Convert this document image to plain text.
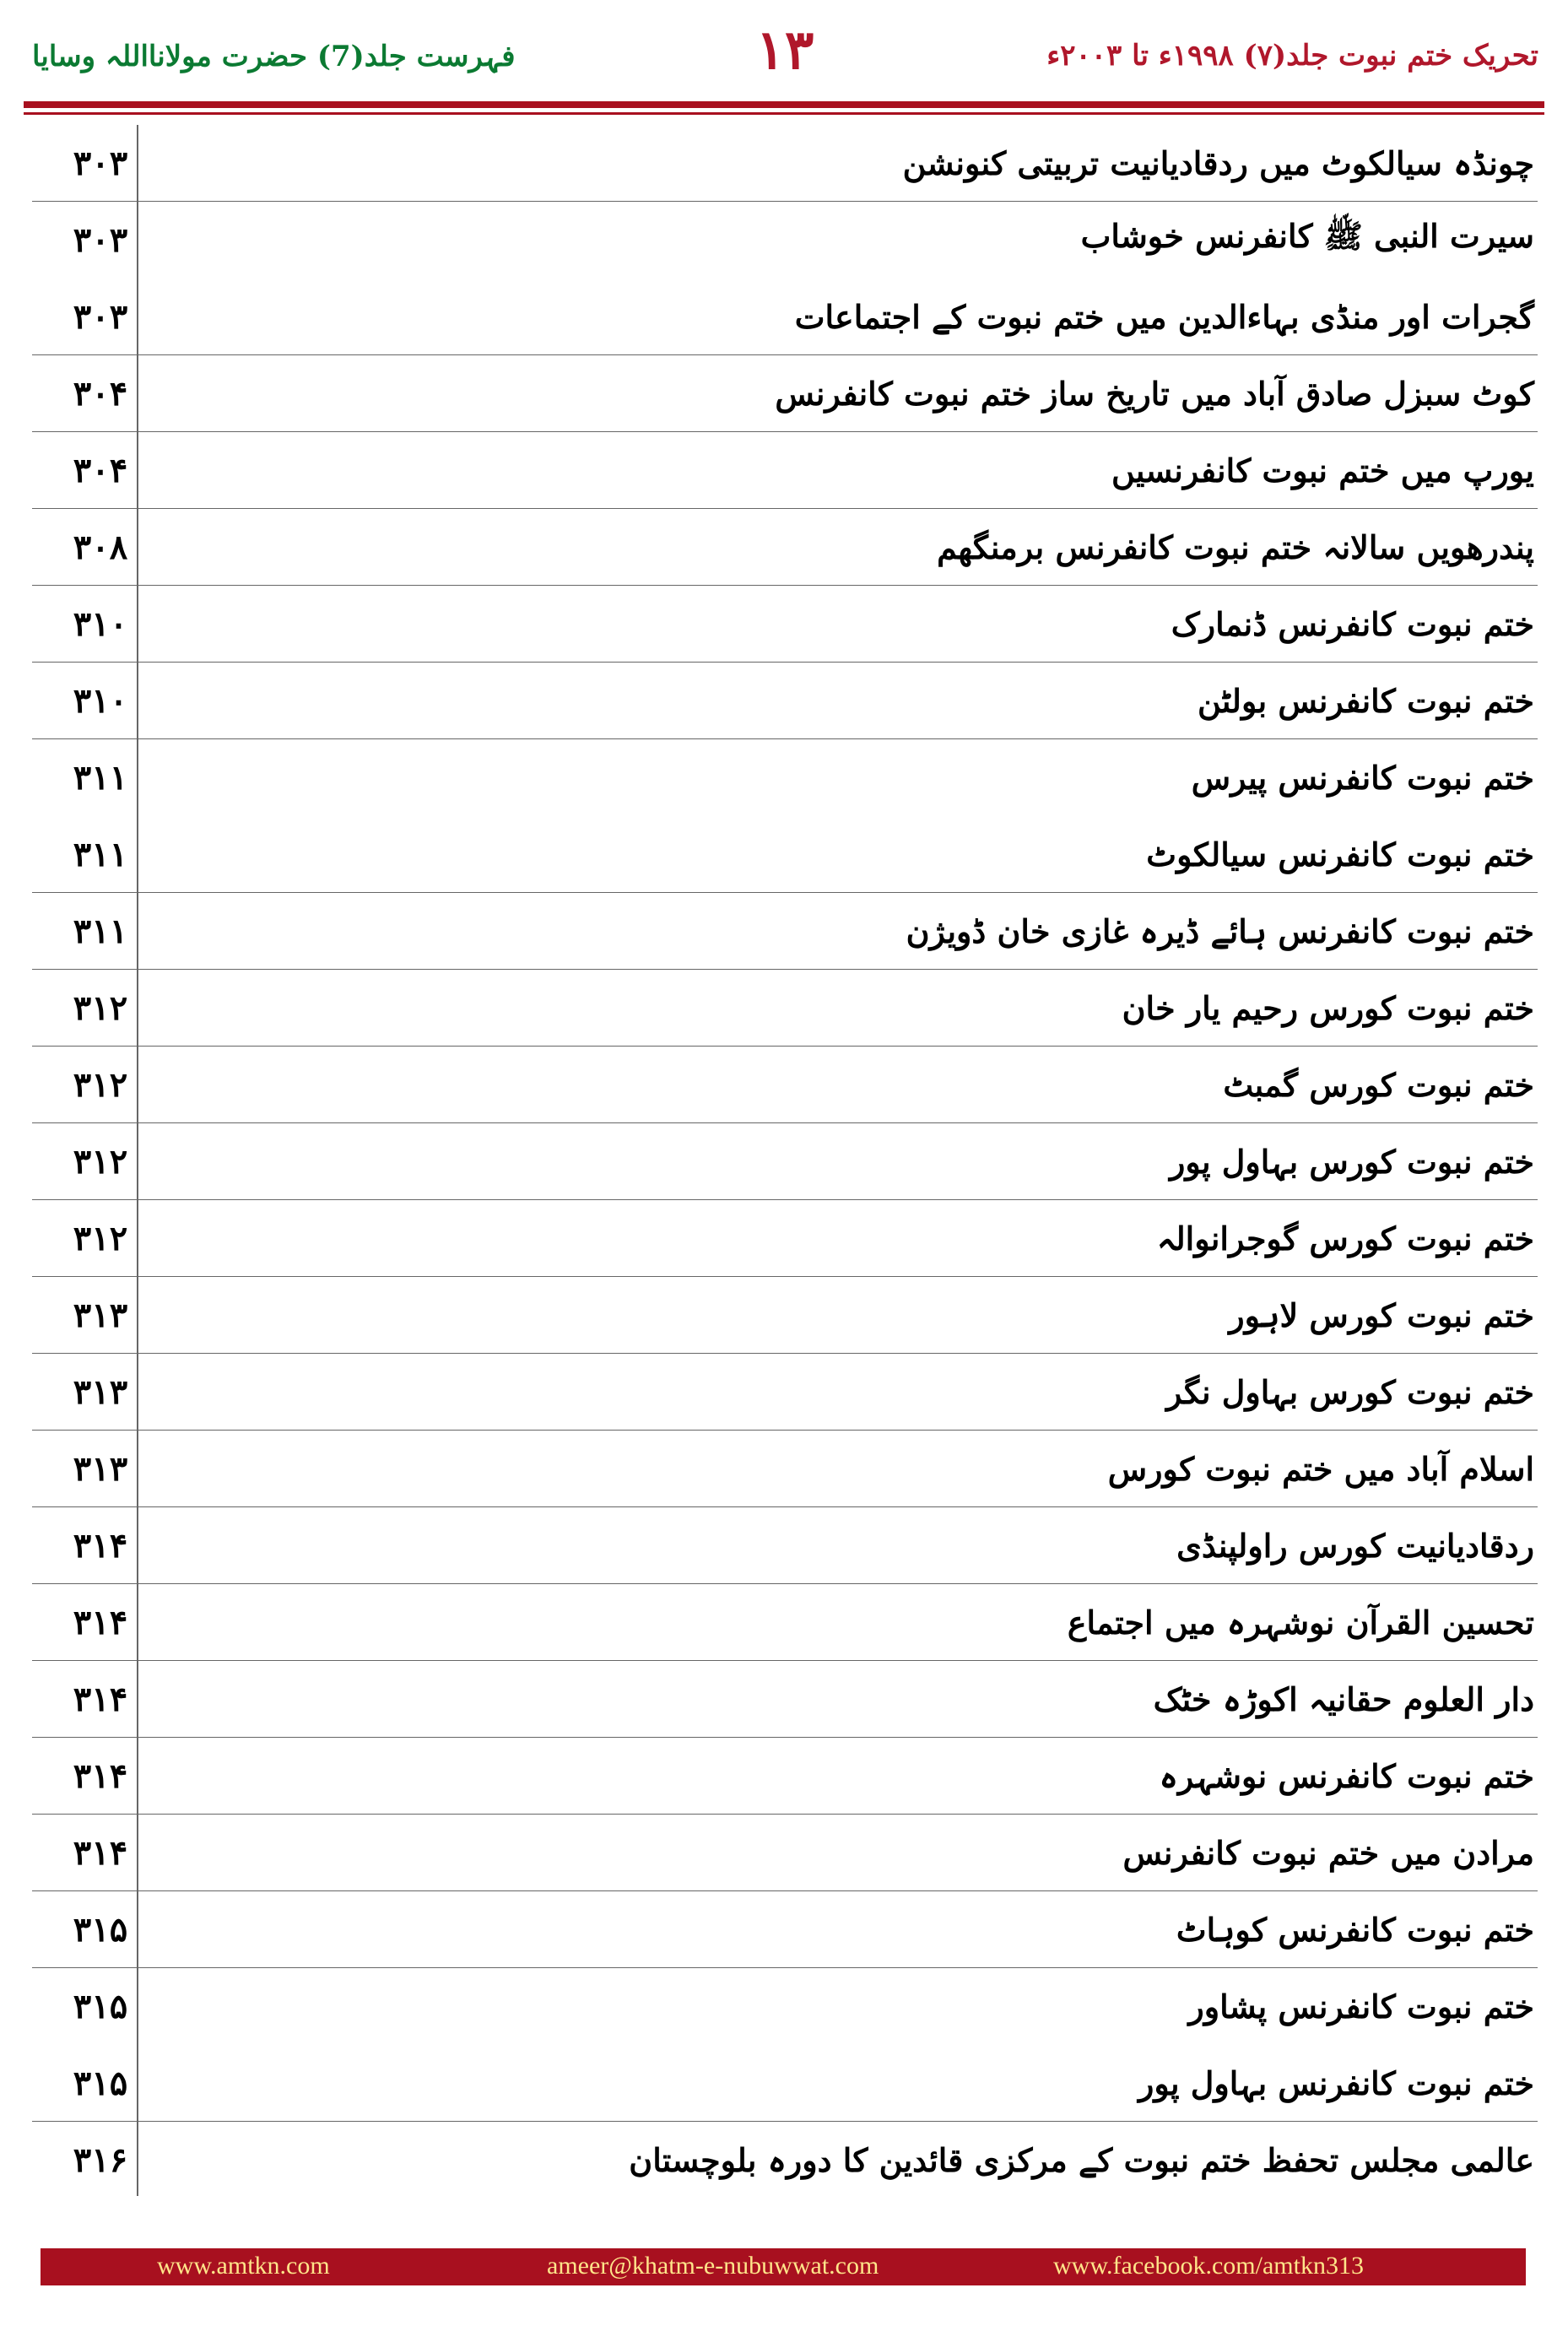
فہرست جلد(7) حضرت مولانااللہ وسایا	۱۳	تحریک ختم نبوت جلد(۷) ۱۹۹۸ء تا ۲۰۰۳ء
۳۰۳	چونڈہ سیالکوٹ میں ردقادیانیت تربیتی کنونشن
۳۰۳	سیرت النبی ﷺ کانفرنس خوشاب
۳۰۳	گجرات اور منڈی بہاءالدین میں ختم نبوت کے اجتماعات
۳۰۴	کوٹ سبزل صادق آباد میں تاریخ ساز ختم نبوت کانفرنس
۳۰۴	یورپ میں ختم نبوت کانفرنسیں
۳۰۸	پندرھویں سالانہ ختم نبوت کانفرنس برمنگھم
۳۱۰	ختم نبوت کانفرنس ڈنمارک
۳۱۰	ختم نبوت کانفرنس بولٹن
۳۱۱	ختم نبوت کانفرنس پیرس
۳۱۱	ختم نبوت کانفرنس سیالکوٹ
۳۱۱	ختم نبوت کانفرنس ہائے ڈیرہ غازی خان ڈویژن
۳۱۲	ختم نبوت کورس رحیم یار خان
۳۱۲	ختم نبوت کورس گمبٹ
۳۱۲	ختم نبوت کورس بہاول پور
۳۱۲	ختم نبوت کورس گوجرانوالہ
۳۱۳	ختم نبوت کورس لاہور
۳۱۳	ختم نبوت کورس بہاول نگر
۳۱۳	اسلام آباد میں ختم نبوت کورس
۳۱۴	ردقادیانیت کورس راولپنڈی
۳۱۴	تحسین القرآن نوشہرہ میں اجتماع
۳۱۴	دار العلوم حقانیہ اکوڑہ خٹک
۳۱۴	ختم نبوت کانفرنس نوشہرہ
۳۱۴	مرادن میں ختم نبوت کانفرنس
۳۱۵	ختم نبوت کانفرنس کوہاٹ
۳۱۵	ختم نبوت کانفرنس پشاور
۳۱۵	ختم نبوت کانفرنس بہاول پور
۳۱۶	عالمی مجلس تحفظ ختم نبوت کے مرکزی قائدین کا دورہ بلوچستان
www.amtkn.com	ameer@khatm-e-nubuwwat.com	www.facebook.com/amtkn313
